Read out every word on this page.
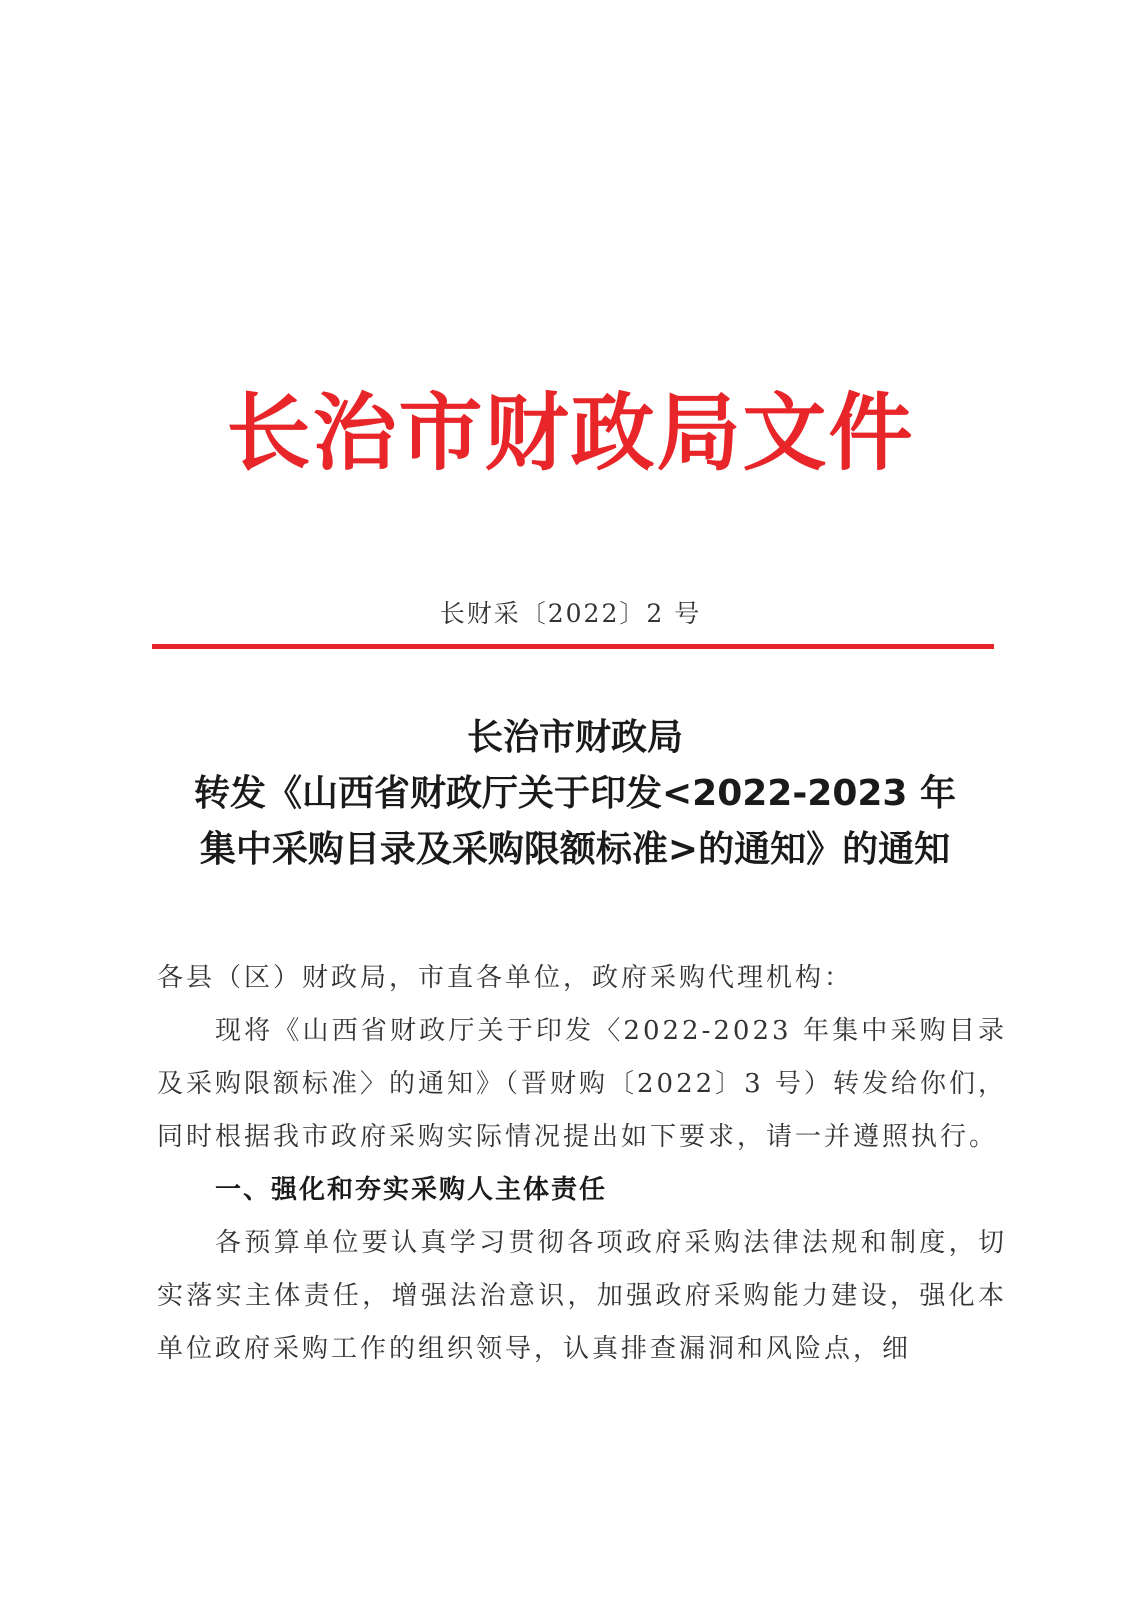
长治市财政局文件
长财采〔2022〕2 号
长治市财政局
转发《山西省财政厅关于印发<2022-2023 年
集中采购目录及采购限额标准>的通知》的通知

各县（区）财政局，市直各单位，政府采购代理机构：

现将《山西省财政厅关于印发〈2022-2023 年集中采购目录及采购限额标准〉的通知》（晋财购〔2022〕3 号）转发给你们，同时根据我市政府采购实际情况提出如下要求，请一并遵照执行。

一、强化和夯实采购人主体责任

各预算单位要认真学习贯彻各项政府采购法律法规和制度，切实落实主体责任，增强法治意识，加强政府采购能力建设，强化本单位政府采购工作的组织领导，认真排查漏洞和风险点，细
